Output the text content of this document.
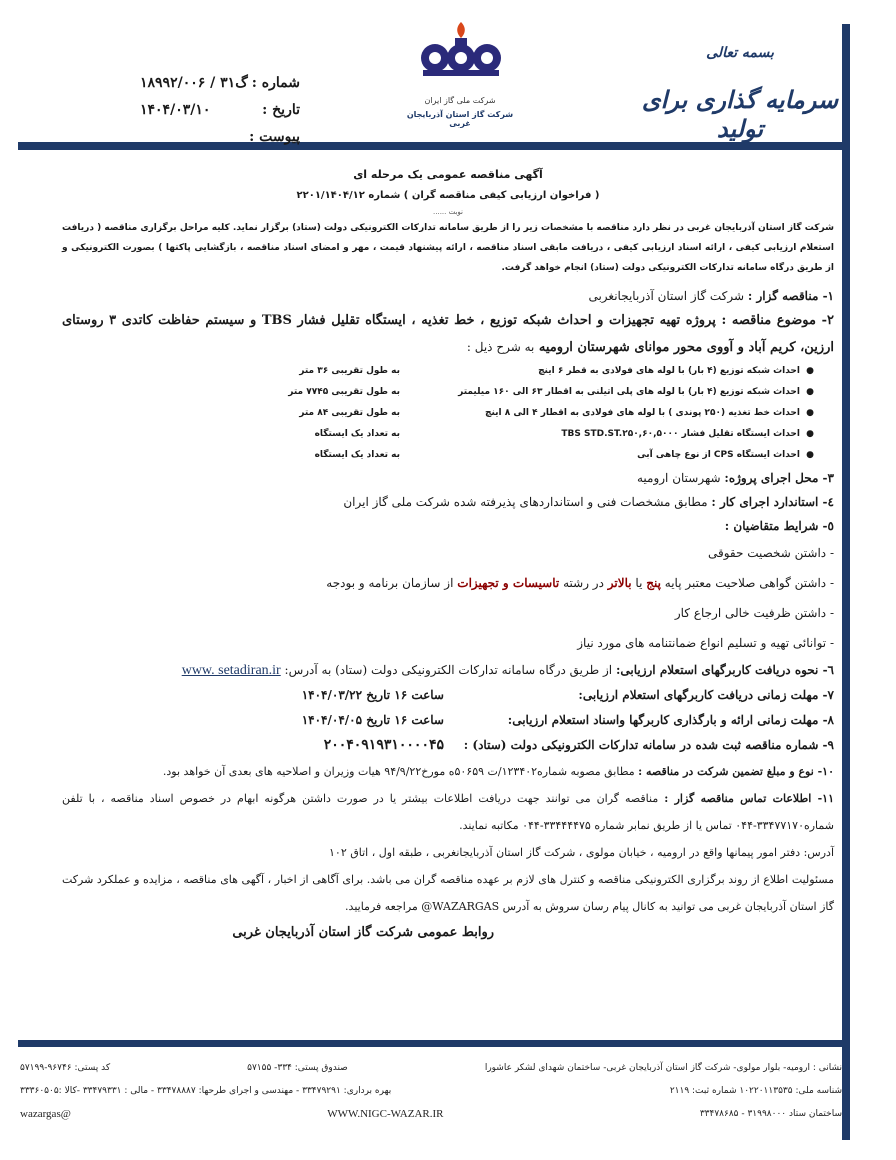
شماره :
گ۳۱ / ۱۸۹۹۲/۰۰۶
تاریخ :
۱۴۰۴/۰۳/۱۰
پیوست :
شرکت ملی گاز ایران
شرکت گاز استان آذربایجان غربی
بسمه تعالی
سرمایه گذاری برای تولید
آگهی مناقصه عمومی یک مرحله ای
( فراخوان ارزیابی کیفی مناقصه گران ) شماره ۲۲۰۱/۱۴۰۴/۱۲
نوبت ......
شرکت گاز استان آذربایجان غربی در نظر دارد مناقصه با مشخصات زیر را از طریق سامانه تدارکات الکترونیکی دولت (ستاد) برگزار نماید. کلیه مراحل برگزاری مناقصه ( دریافت استعلام ارزیابی کیفی ، ارائه اسناد ارزیابی کیفی ، دریافت مابقی اسناد مناقصه ، ارائه پیشنهاد قیمت ، مهر و امضای اسناد مناقصه ، بازگشایی پاکتها ) بصورت الکترونیکی و از طریق درگاه سامانه تدارکات الکترونیکی دولت (ستاد) انجام خواهد گرفت.
۱- مناقصه گزار : شرکت گاز استان آذربایجانغربی
۲- موضوع مناقصه : پروژه تهیه تجهیزات و احداث شبکه توزیع ، خط تغذیه ، ایستگاه تقلیل فشار TBS و سیستم حفاظت کاتدی ۳ روستای ارزین، کریم آباد و آووی محور موانای شهرستان ارومیه به شرح ذیل :
●
احداث شبکه توزیع (۴ بار) با لوله های فولادی به قطر ۶ اینچ
به طول تقریبی ۳۶ متر
●
احداث شبکه توزیع (۴ بار) با لوله های پلی اتیلنی به اقطار ۶۳ الی ۱۶۰ میلیمتر
به طول تقریبی ۷۷۴۵ متر
●
احداث خط تغذیه (۲۵۰ پوندی ) با لوله های فولادی به اقطار ۴ الی ۸ اینچ
به طول تقریبی ۸۴ متر
●
احداث ایستگاه تقلیل فشار TBS STD.ST.۲۵۰,۶۰,۵۰۰۰
به تعداد یک ایستگاه
●
احداث ایستگاه CPS از نوع چاهی آبی
به تعداد یک ایستگاه
۳- محل اجرای پروژه: شهرستان ارومیه
٤- استاندارد اجرای کار : مطابق مشخصات فنی و استانداردهای پذیرفته شده شرکت ملی گاز ایران
٥- شرایط متقاضیان :
- داشتن شخصیت حقوقی
- داشتن گواهی صلاحیت معتبر پایه پنج یا بالاتر در رشته تاسیسات و تجهیزات از سازمان برنامه و بودجه
- داشتن ظرفیت خالی ارجاع کار
- توانائی تهیه و تسلیم انواع ضمانتنامه های مورد نیاز
٦- نحوه دریافت کاربرگهای استعلام ارزیابی: از طریق درگاه سامانه تدارکات الکترونیکی دولت (ستاد) به آدرس: www. setadiran.ir
۷- مهلت زمانی دریافت کاربرگهای استعلام ارزیابی:
ساعت ۱۶ تاریخ ۱۴۰۴/۰۳/۲۲
۸- مهلت زمانی ارائه و بارگذاری کاربرگها واسناد استعلام ارزیابی:
ساعت ۱۶ تاریخ ۱۴۰۴/۰۴/۰۵
۹- شماره مناقصه ثبت شده در سامانه تدارکات الکترونیکی دولت (ستاد) :
۲۰۰۴۰۹۱۹۳۱۰۰۰۰۴۵
۱۰- نوع و مبلغ تضمین شرکت در مناقصه : مطابق مصوبه شماره۱۲۳۴۰۲/ت ۵۰۶۵۹ه مورخ۹۴/۹/۲۲ هیات وزیران و اصلاحیه های بعدی آن خواهد بود.
۱۱- اطلاعات تماس مناقصه گزار : مناقصه گران می توانند جهت دریافت اطلاعات بیشتر یا در صورت داشتن هرگونه ابهام در خصوص اسناد مناقصه ، با تلفن شماره۳۳۴۷۷۱۷۰-۰۴۴ تماس یا از طریق نمابر شماره ۳۳۴۴۴۴۷۵-۰۴۴ مکاتبه نمایند.
آدرس: دفتر امور پیمانها واقع در ارومیه ، خیابان مولوی ، شرکت گاز استان آذربایجانغربی ، طبقه اول ، اتاق ۱۰۲
مسئولیت اطلاع از روند برگزاری الکترونیکی مناقصه و کنترل های لازم بر عهده مناقصه گران می باشد. برای آگاهی از اخبار ، آگهی های مناقصه ، مزایده و عملکرد شرکت گاز استان آذربایجان غربی می توانید به کانال پیام رسان سروش به آدرس WAZARGAS@ مراجعه فرمایید.
روابط عمومی شرکت گاز استان آذربایجان غربی
نشانی : ارومیه- بلوار مولوی- شرکت گاز استان آذربایجان غربی- ساختمان شهدای لشکر عاشورا
صندوق پستی: ۳۳۴- ۵۷۱۵۵
کد پستی: ۹۶۷۴۶-۵۷۱۹۹
شناسه ملی: ۱۰۲۲۰۱۱۳۵۳۵ شماره ثبت: ۲۱۱۹
بهره برداری: ۳۳۴۷۹۲۹۱ - مهندسی و اجرای طرحها: ۳۳۴۷۸۸۸۷ - مالی : ۳۳۴۷۹۳۳۱ -کالا :۳۳۳۶۰۵۰۵
ساختمان ستاد ۳۱۹۹۸۰۰۰ - ۳۳۴۷۸۶۸۵
WWW.NIGC-WAZAR.IR
@wazargas
